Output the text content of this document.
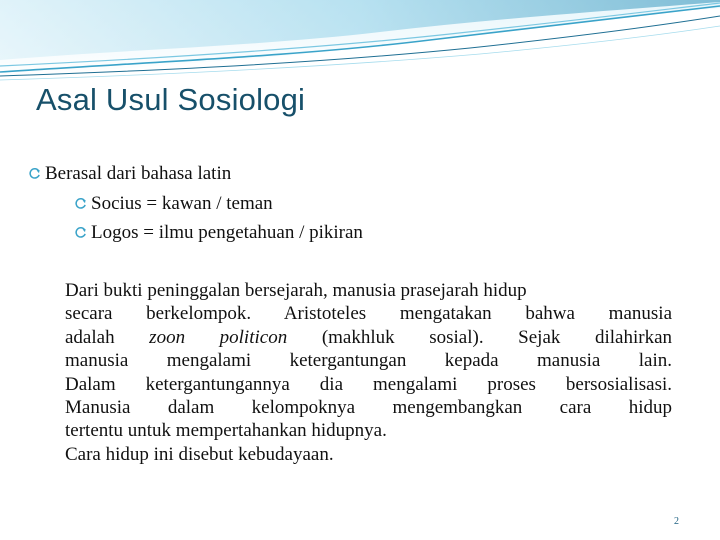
Asal Usul Sosiologi
Berasal dari bahasa latin
Socius = kawan / teman
Logos = ilmu pengetahuan / pikiran
Dari bukti peninggalan bersejarah, manusia prasejarah hidup
secara berkelompok. Aristoteles mengatakan bahwa manusia
adalah zoon politicon (makhluk sosial). Sejak dilahirkan
manusia mengalami ketergantungan kepada manusia lain.
Dalam ketergantungannya dia mengalami proses bersosialisasi.
Manusia dalam kelompoknya mengembangkan cara hidup
tertentu untuk mempertahankan hidupnya.
Cara hidup ini disebut kebudayaan.
2
